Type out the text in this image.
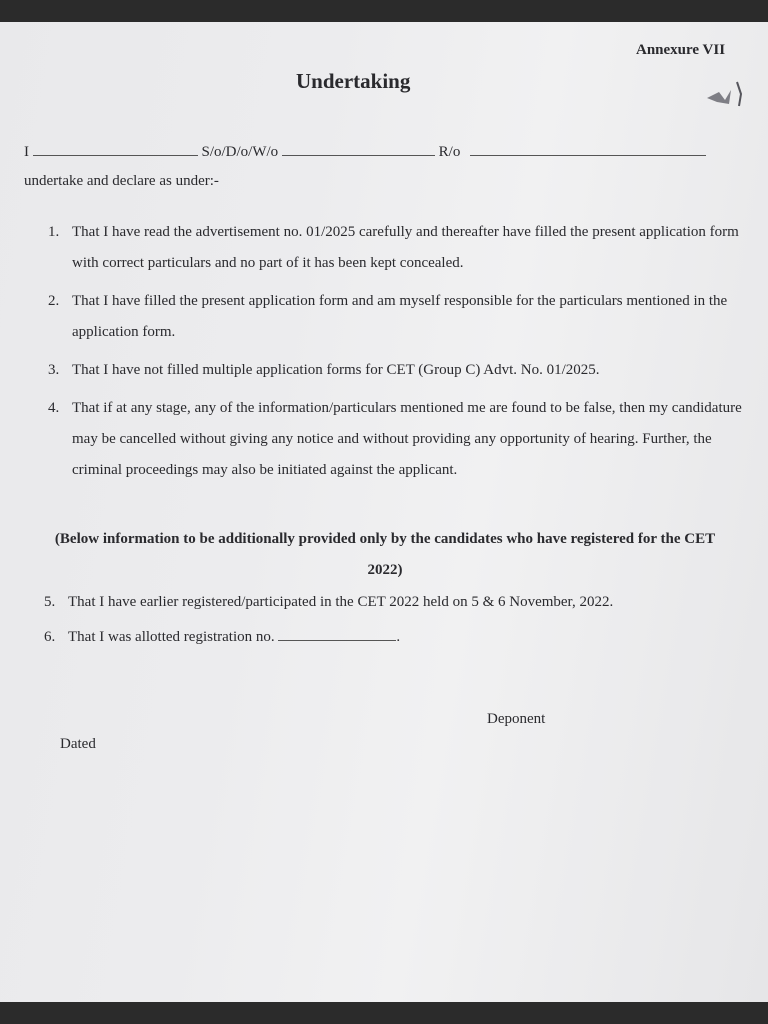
Annexure VII
Undertaking
I	S/o/D/o/W/o	R/o
undertake and declare as under:-
1. That I have read the advertisement no. 01/2025 carefully and thereafter have filled the present application form with correct particulars and no part of it has been kept concealed.
2. That I have filled the present application form and am myself responsible for the particulars mentioned in the application form.
3. That I have not filled multiple application forms for CET (Group C) Advt. No. 01/2025.
4. That if at any stage, any of the information/particulars mentioned me are found to be false, then my candidature may be cancelled without giving any notice and without providing any opportunity of hearing. Further, the criminal proceedings may also be initiated against the applicant.
(Below information to be additionally provided only by the candidates who have registered for the CET 2022)
5. That I have earlier registered/participated in the CET 2022 held on 5 & 6 November, 2022.
6. That I was allotted registration no.	.
Deponent
Dated
